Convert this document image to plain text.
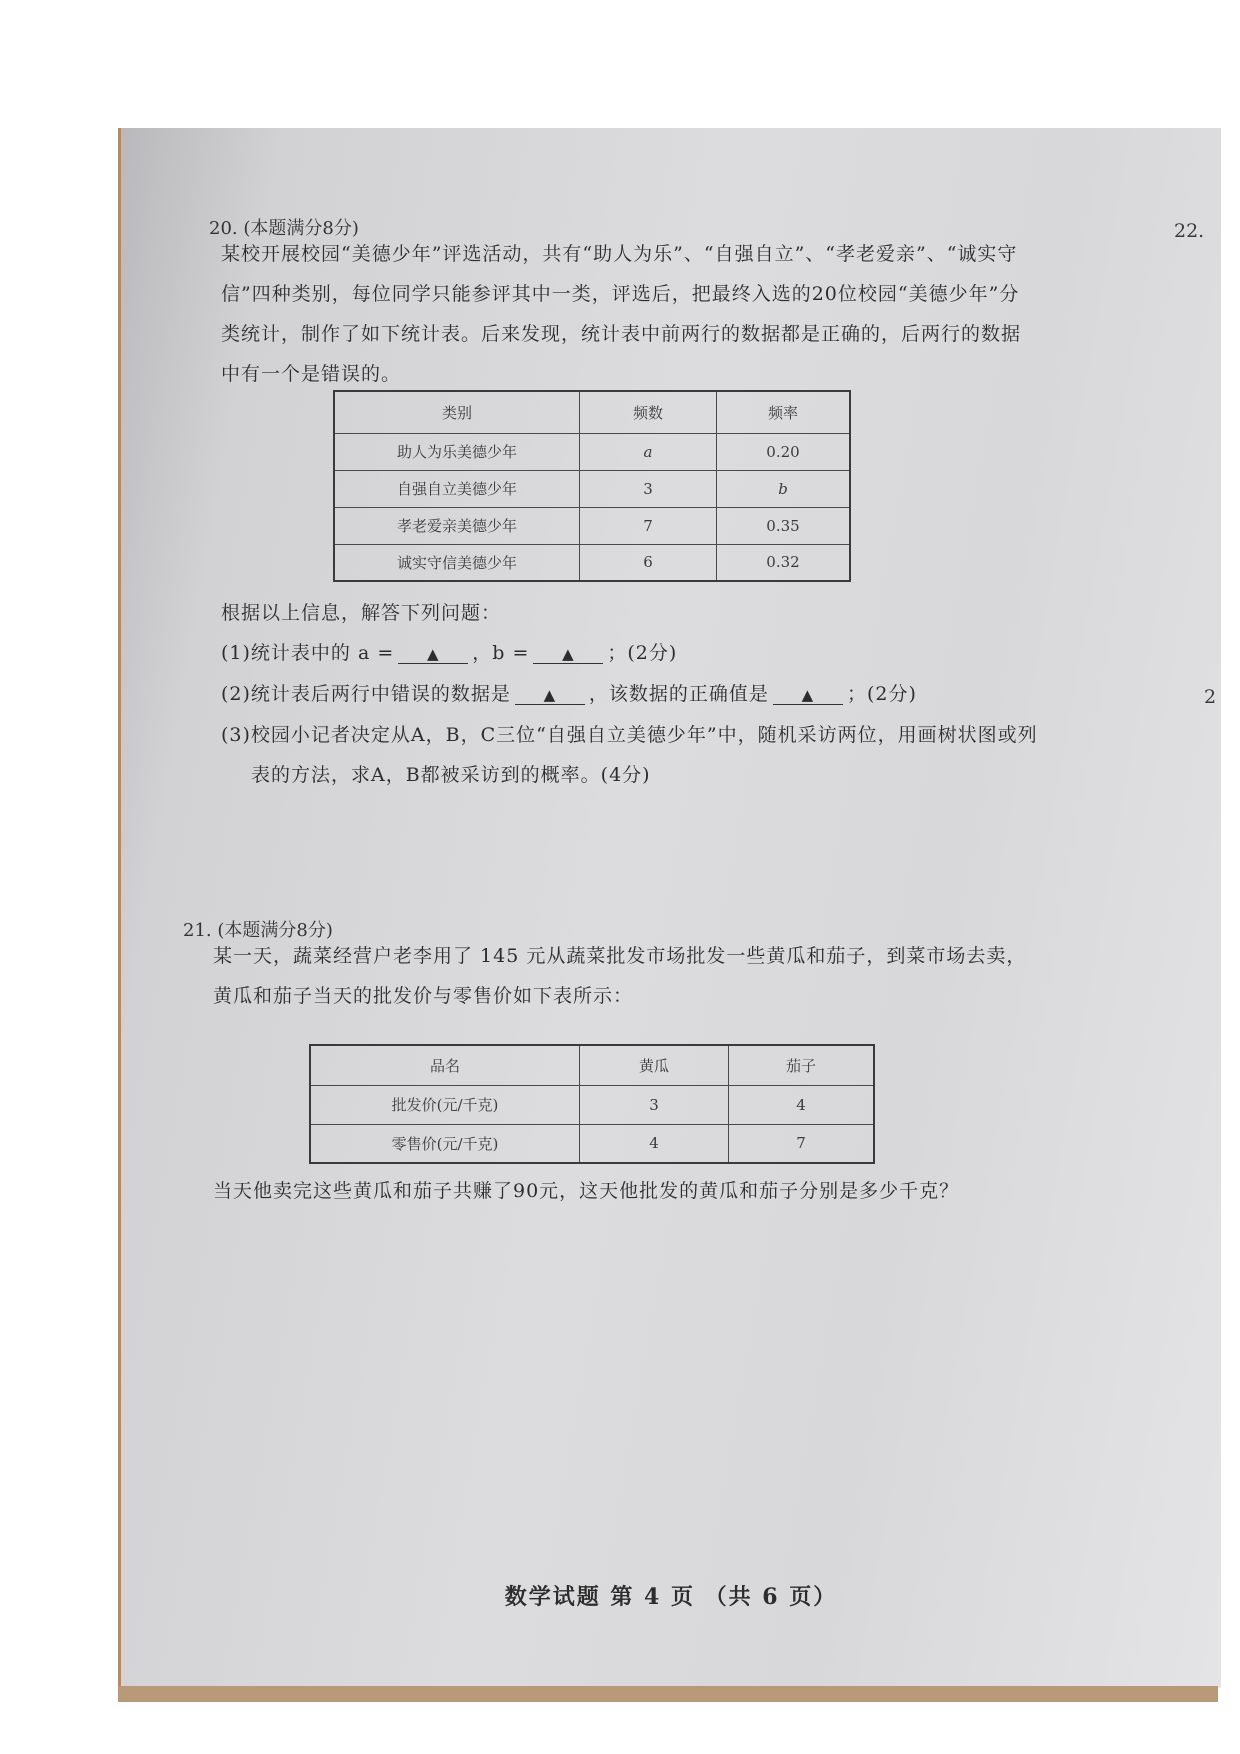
22.
2
20. (本题满分8分)
某校开展校园“美德少年”评选活动，共有“助人为乐”、“自强自立”、“孝老爱亲”、“诚实守
信”四种类别，每位同学只能参评其中一类，评选后，把最终入选的20位校园“美德少年”分
类统计，制作了如下统计表。后来发现，统计表中前两行的数据都是正确的，后两行的数据
中有一个是错误的。
类别	频数	频率
助人为乐美德少年	a	0.20
自强自立美德少年	3	b
孝老爱亲美德少年	7	0.35
诚实守信美德少年	6	0.32
根据以上信息，解答下列问题：
(1)统计表中的 a = ▲ ，b = ▲ ；(2分)
(2)统计表后两行中错误的数据是 ▲ ，该数据的正确值是 ▲ ；(2分)
(3)校园小记者决定从A，B，C三位“自强自立美德少年”中，随机采访两位，用画树状图或列
表的方法，求A，B都被采访到的概率。(4分)
21. (本题满分8分)
某一天，蔬菜经营户老李用了 145 元从蔬菜批发市场批发一些黄瓜和茄子，到菜市场去卖，
黄瓜和茄子当天的批发价与零售价如下表所示：
品名	黄瓜	茄子
批发价(元/千克)	3	4
零售价(元/千克)	4	7
当天他卖完这些黄瓜和茄子共赚了90元，这天他批发的黄瓜和茄子分别是多少千克？
数学试题 第 4 页 （共 6 页）
